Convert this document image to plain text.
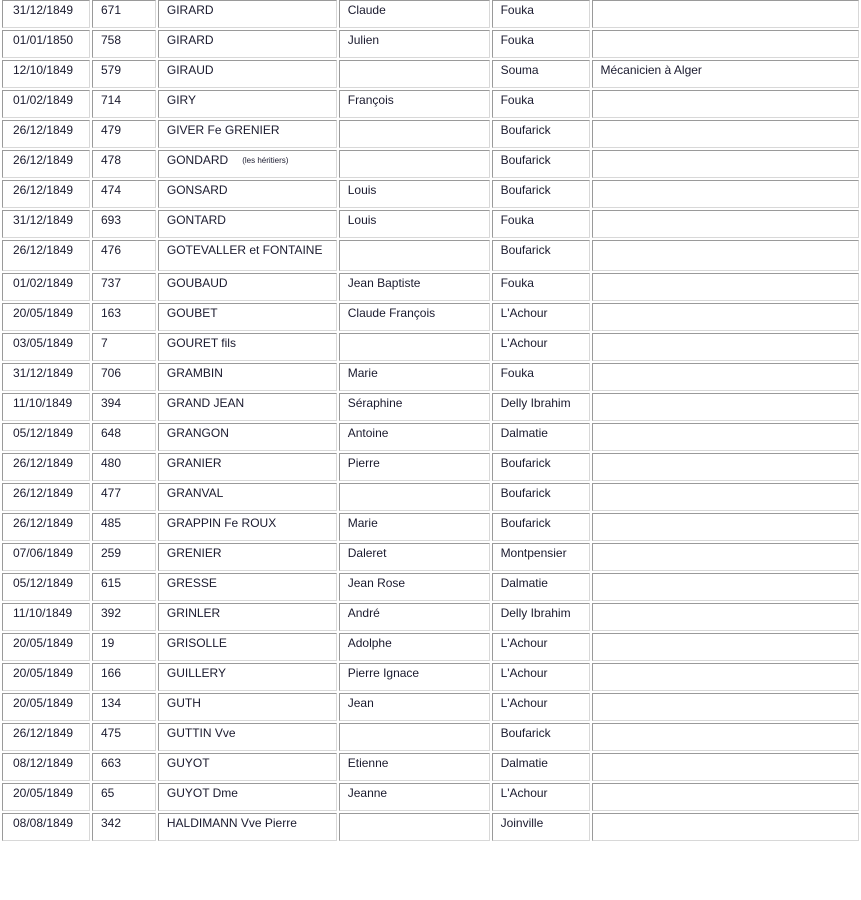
31/12/1849	671	GIRARD	Claude	Fouka	
01/01/1850	758	GIRARD	Julien	Fouka	
12/10/1849	579	GIRAUD		Souma	Mécanicien à Alger
01/02/1849	714	GIRY	François	Fouka	
26/12/1849	479	GIVER Fe GRENIER		Boufarick	
26/12/1849	478	GONDARD (les héritiers)		Boufarick	
26/12/1849	474	GONSARD	Louis	Boufarick	
31/12/1849	693	GONTARD	Louis	Fouka	
26/12/1849	476	GOTEVALLER et FONTAINE		Boufarick	
01/02/1849	737	GOUBAUD	Jean Baptiste	Fouka	
20/05/1849	163	GOUBET	Claude François	L'Achour	
03/05/1849	7	GOURET fils		L'Achour	
31/12/1849	706	GRAMBIN	Marie	Fouka	
11/10/1849	394	GRAND JEAN	Séraphine	Delly Ibrahim	
05/12/1849	648	GRANGON	Antoine	Dalmatie	
26/12/1849	480	GRANIER	Pierre	Boufarick	
26/12/1849	477	GRANVAL		Boufarick	
26/12/1849	485	GRAPPIN Fe ROUX	Marie	Boufarick	
07/06/1849	259	GRENIER	Daleret	Montpensier	
05/12/1849	615	GRESSE	Jean Rose	Dalmatie	
11/10/1849	392	GRINLER	André	Delly Ibrahim	
20/05/1849	19	GRISOLLE	Adolphe	L'Achour	
20/05/1849	166	GUILLERY	Pierre Ignace	L'Achour	
20/05/1849	134	GUTH	Jean	L'Achour	
26/12/1849	475	GUTTIN Vve		Boufarick	
08/12/1849	663	GUYOT	Etienne	Dalmatie	
20/05/1849	65	GUYOT Dme	Jeanne	L'Achour	
08/08/1849	342	HALDIMANN Vve Pierre		Joinville	
